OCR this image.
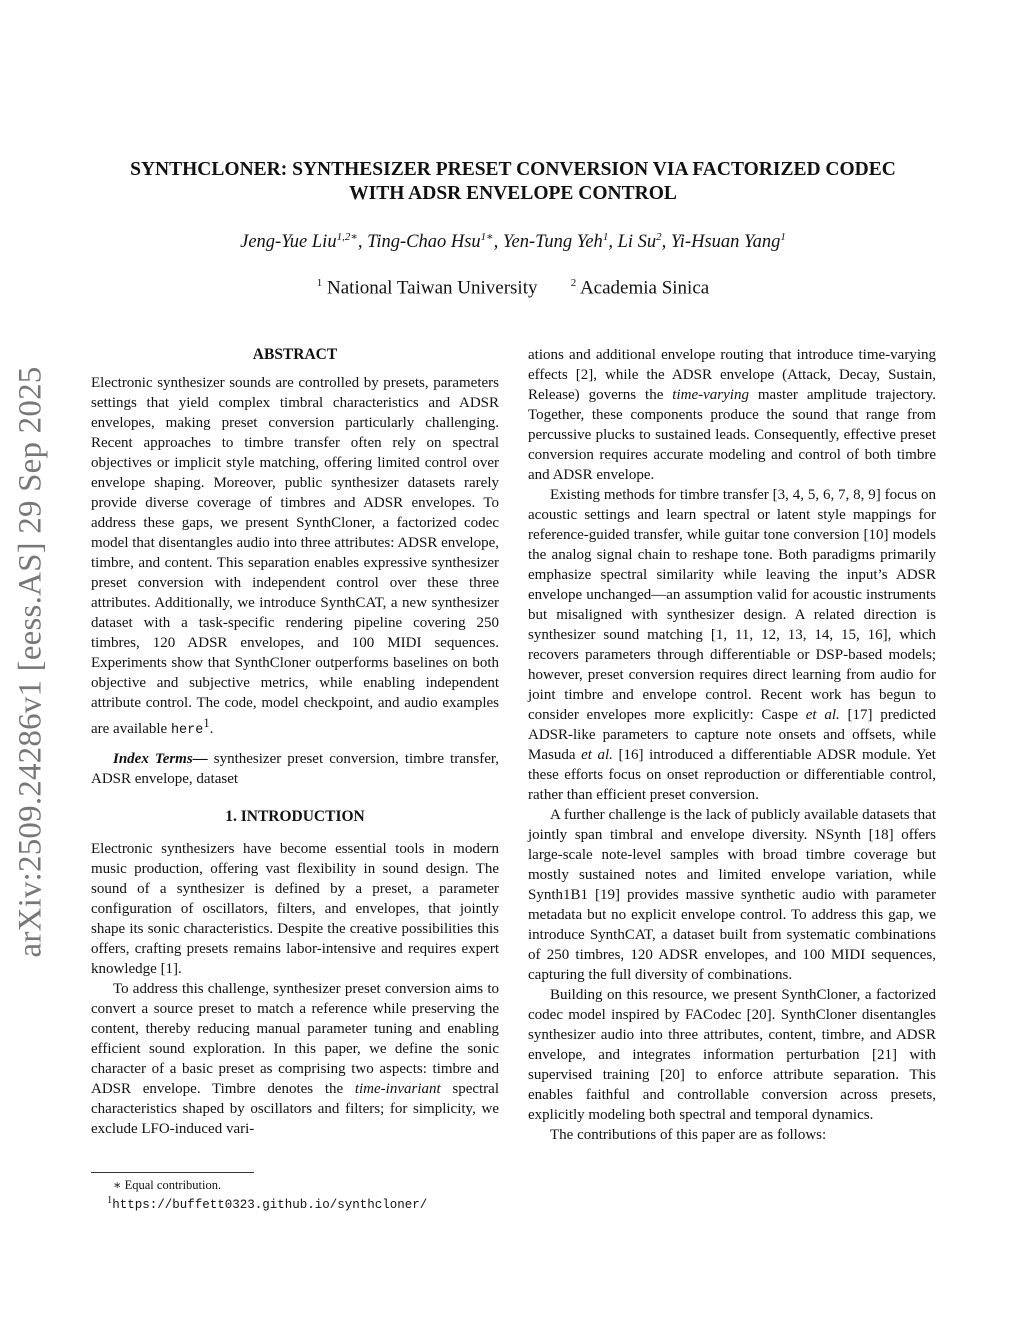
arXiv:2509.24286v1 [eess.AS] 29 Sep 2025
SYNTHCLONER: SYNTHESIZER PRESET CONVERSION VIA FACTORIZED CODEC
WITH ADSR ENVELOPE CONTROL
Jeng-Yue Liu$^{1,2∗}$, Ting-Chao Hsu$^{1∗}$, Yen-Tung Yeh$^1$, Li Su$^2$, Yi-Hsuan Yang$^1$
$^1$ National Taiwan University	$^2$ Academia Sinica
ABSTRACT

Electronic synthesizer sounds are controlled by presets, parameters settings that yield complex timbral characteristics and ADSR envelopes, making preset conversion particularly challenging. Recent approaches to timbre transfer often rely on spectral objectives or implicit style matching, offering limited control over envelope shaping. Moreover, public synthesizer datasets rarely provide diverse coverage of timbres and ADSR envelopes. To address these gaps, we present SynthCloner, a factorized codec model that disentangles audio into three attributes: ADSR envelope, timbre, and content. This separation enables expressive synthesizer preset conversion with independent control over these three attributes. Additionally, we introduce SynthCAT, a new synthesizer dataset with a task-specific rendering pipeline covering 250 timbres, 120 ADSR envelopes, and 100 MIDI sequences. Experiments show that SynthCloner outperforms baselines on both objective and subjective metrics, while enabling independent attribute control. The code, model checkpoint, and audio examples are available here$^1$.

Index Terms— synthesizer preset conversion, timbre transfer, ADSR envelope, dataset

1. INTRODUCTION

Electronic synthesizers have become essential tools in modern music production, offering vast flexibility in sound design. The sound of a synthesizer is defined by a preset, a parameter configuration of oscillators, filters, and envelopes, that jointly shape its sonic characteristics. Despite the creative possibilities this offers, crafting presets remains labor-intensive and requires expert knowledge [1].

To address this challenge, synthesizer preset conversion aims to convert a source preset to match a reference while preserving the content, thereby reducing manual parameter tuning and enabling efficient sound exploration. In this paper, we define the sonic character of a basic preset as comprising two aspects: timbre and ADSR envelope. Timbre denotes the time-invariant spectral characteristics shaped by oscillators and filters; for simplicity, we exclude LFO-induced vari-

ations and additional envelope routing that introduce time-varying effects [2], while the ADSR envelope (Attack, Decay, Sustain, Release) governs the time-varying master amplitude trajectory. Together, these components produce the sound that range from percussive plucks to sustained leads. Consequently, effective preset conversion requires accurate modeling and control of both timbre and ADSR envelope.

Existing methods for timbre transfer [3, 4, 5, 6, 7, 8, 9] focus on acoustic settings and learn spectral or latent style mappings for reference-guided transfer, while guitar tone conversion [10] models the analog signal chain to reshape tone. Both paradigms primarily emphasize spectral similarity while leaving the input’s ADSR envelope unchanged—an assumption valid for acoustic instruments but misaligned with synthesizer design. A related direction is synthesizer sound matching [1, 11, 12, 13, 14, 15, 16], which recovers parameters through differentiable or DSP-based models; however, preset conversion requires direct learning from audio for joint timbre and envelope control. Recent work has begun to consider envelopes more explicitly: Caspe et al. [17] predicted ADSR-like parameters to capture note onsets and offsets, while Masuda et al. [16] introduced a differentiable ADSR module. Yet these efforts focus on onset reproduction or differentiable control, rather than efficient preset conversion.

A further challenge is the lack of publicly available datasets that jointly span timbral and envelope diversity. NSynth [18] offers large-scale note-level samples with broad timbre coverage but mostly sustained notes and limited envelope variation, while Synth1B1 [19] provides massive synthetic audio with parameter metadata but no explicit envelope control. To address this gap, we introduce SynthCAT, a dataset built from systematic combinations of 250 timbres, 120 ADSR envelopes, and 100 MIDI sequences, capturing the full diversity of combinations.

Building on this resource, we present SynthCloner, a factorized codec model inspired by FACodec [20]. SynthCloner disentangles synthesizer audio into three attributes, content, timbre, and ADSR envelope, and integrates information perturbation [21] with supervised training [20] to enforce attribute separation. This enables faithful and controllable conversion across presets, explicitly modeling both spectral and temporal dynamics.

The contributions of this paper are as follows:

∗ Equal contribution.
$^1$https://buffett0323.github.io/synthcloner/
